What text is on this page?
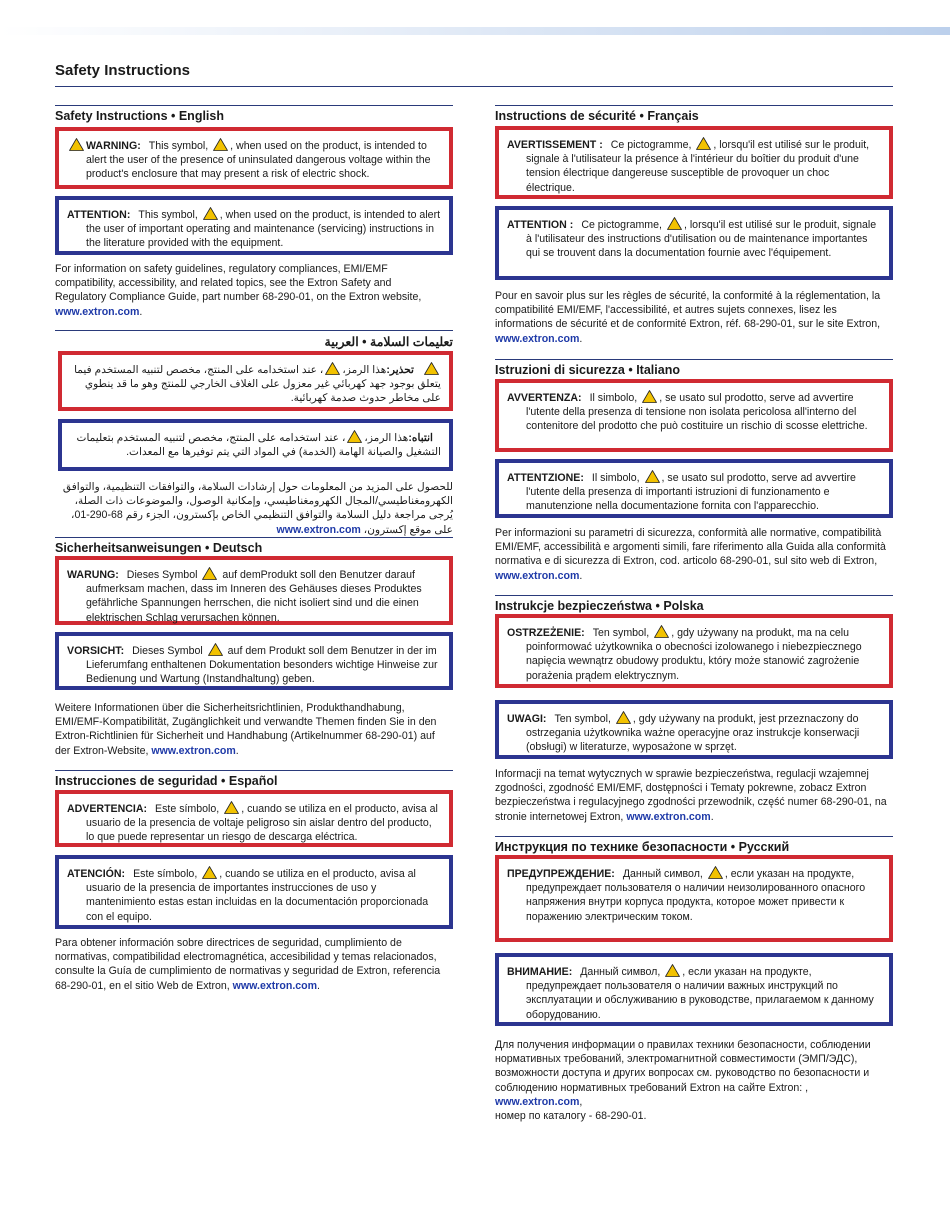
Safety Instructions
Safety Instructions • English
WARNING: This symbol, , when used on the product, is intended to alert the user of the presence of uninsulated dangerous voltage within the product's enclosure that may present a risk of electric shock.
ATTENTION: This symbol, , when used on the product, is intended to alert the user of important operating and maintenance (servicing) instructions in the literature provided with the equipment.
For information on safety guidelines, regulatory compliances, EMI/EMF compatibility, accessibility, and related topics, see the Extron Safety and Regulatory Compliance Guide, part number 68-290-01, on the Extron website,
www.extron.com.
تعليمات السلامة • العربية
تحذير:هذا الرمز،، عند استخدامه على المنتج، مخصص لتنبيه المستخدم فيما يتعلق بوجود جهد كهربائي غير معزول على الغلاف الخارجي للمنتج وهو ما قد ينطوي على مخاطر حدوث صدمة كهربائية.
انتباه:هذا الرمز،، عند استخدامه على المنتج، مخصص لتنبيه المستخدم بتعليمات التشغيل والصيانة الهامة (الخدمة) في المواد التي يتم توفيرها مع المعدات.
للحصول على المزيد من المعلومات حول إرشادات السلامة، والتوافقات التنظيمية، والتوافق الكهرومغناطيسي/المجال الكهرومغناطيسي، وإمكانية الوصول، والموضوعات ذات الصلة، يُرجى مراجعة دليل السلامة والتوافق التنظيمي الخاص بإكسترون، الجزء رقم 68-290-01، على موقع إكسترون، www.extron.com
Sicherheitsanweisungen • Deutsch
WARUNG: Dieses Symbol auf demProdukt soll den Benutzer darauf aufmerksam machen, dass im Inneren des Gehäuses dieses Produktes gefährliche Spannungen herrschen, die nicht isoliert sind und die einen elektrischen Schlag verursachen können.
VORSICHT: Dieses Symbol auf dem Produkt soll dem Benutzer in der im Lieferumfang enthaltenen Dokumentation besonders wichtige Hinweise zur Bedienung und Wartung (Instandhaltung) geben.
Weitere Informationen über die Sicherheitsrichtlinien, Produkthandhabung, EMI/EMF-Kompatibilität, Zugänglichkeit und verwandte Themen finden Sie in den Extron-Richtlinien für Sicherheit und Handhabung (Artikelnummer 68-290-01) auf der Extron-Website, www.extron.com.
Instrucciones de seguridad • Español
ADVERTENCIA: Este símbolo, , cuando se utiliza en el producto, avisa al usuario de la presencia de voltaje peligroso sin aislar dentro del producto, lo que puede representar un riesgo de descarga eléctrica.
ATENCIÓN: Este símbolo, , cuando se utiliza en el producto, avisa al usuario de la presencia de importantes instrucciones de uso y mantenimiento estas estan incluidas en la documentación proporcionada con el equipo.
Para obtener información sobre directrices de seguridad, cumplimiento de normativas, compatibilidad electromagnética, accesibilidad y temas relacionados, consulte la Guía de cumplimiento de normativas y seguridad de Extron, referencia 68-290-01, en el sitio Web de Extron, www.extron.com.
Instructions de sécurité • Français
AVERTISSEMENT : Ce pictogramme, , lorsqu'il est utilisé sur le produit, signale à l'utilisateur la présence à l'intérieur du boîtier du produit d'une tension électrique dangereuse susceptible de provoquer un choc électrique.
ATTENTION : Ce pictogramme, , lorsqu'il est utilisé sur le produit, signale à l'utilisateur des instructions d'utilisation ou de maintenance importantes qui se trouvent dans la documentation fournie avec l'équipement.
Pour en savoir plus sur les règles de sécurité, la conformité à la réglementation, la compatibilité EMI/EMF, l'accessibilité, et autres sujets connexes, lisez les informations de sécurité et de conformité Extron, réf. 68-290-01, sur le site Extron, www.extron.com.
Istruzioni di sicurezza • Italiano
AVVERTENZA: Il simbolo, , se usato sul prodotto, serve ad avvertire l'utente della presenza di tensione non isolata pericolosa all'interno del contenitore del prodotto che può costituire un rischio di scosse elettriche.
ATTENTZIONE: Il simbolo, , se usato sul prodotto, serve ad avvertire l'utente della presenza di importanti istruzioni di funzionamento e manutenzione nella documentazione fornita con l'apparecchio.
Per informazioni su parametri di sicurezza, conformità alle normative, compatibilità EMI/EMF, accessibilità e argomenti simili, fare riferimento alla Guida alla conformità normativa e di sicurezza di Extron, cod. articolo 68-290-01, sul sito web di Extron, www.extron.com.
Instrukcje bezpieczeństwa • Polska
OSTRZEŻENIE: Ten symbol, , gdy używany na produkt, ma na celu poinformować użytkownika o obecności izolowanego i niebezpiecznego napięcia wewnątrz obudowy produktu, który może stanowić zagrożenie porażenia prądem elektrycznym.
UWAGI: Ten symbol, , gdy używany na produkt, jest przeznaczony do ostrzegania użytkownika ważne operacyjne oraz instrukcje konserwacji (obsługi) w literaturze, wyposażone w sprzęt.
Informacji na temat wytycznych w sprawie bezpieczeństwa, regulacji wzajemnej zgodności, zgodność EMI/EMF, dostępności i Tematy pokrewne, zobacz Extron bezpieczeństwa i regulacyjnego zgodności przewodnik, część numer 68-290-01, na stronie internetowej Extron, www.extron.com.
Инструкция по технике безопасности • Русский
ПРЕДУПРЕЖДЕНИЕ: Данный символ, , если указан на продукте, предупреждает пользователя о наличии неизолированного опасного напряжения внутри корпуса продукта, которое может привести к поражению электрическим током.
ВНИМАНИЕ: Данный символ, , если указан на продукте, предупреждает пользователя о наличии важных инструкций по эксплуатации и обслуживанию в руководстве, прилагаемом к данному оборудованию.
Для получения информации о правилах техники безопасности, соблюдении нормативных требований, электромагнитной совместимости (ЭМП/ЭДС), возможности доступа и других вопросах см. руководство по безопасности и соблюдению нормативных требований Extron на сайте Extron: , www.extron.com,
номер по каталогу - 68-290-01.
